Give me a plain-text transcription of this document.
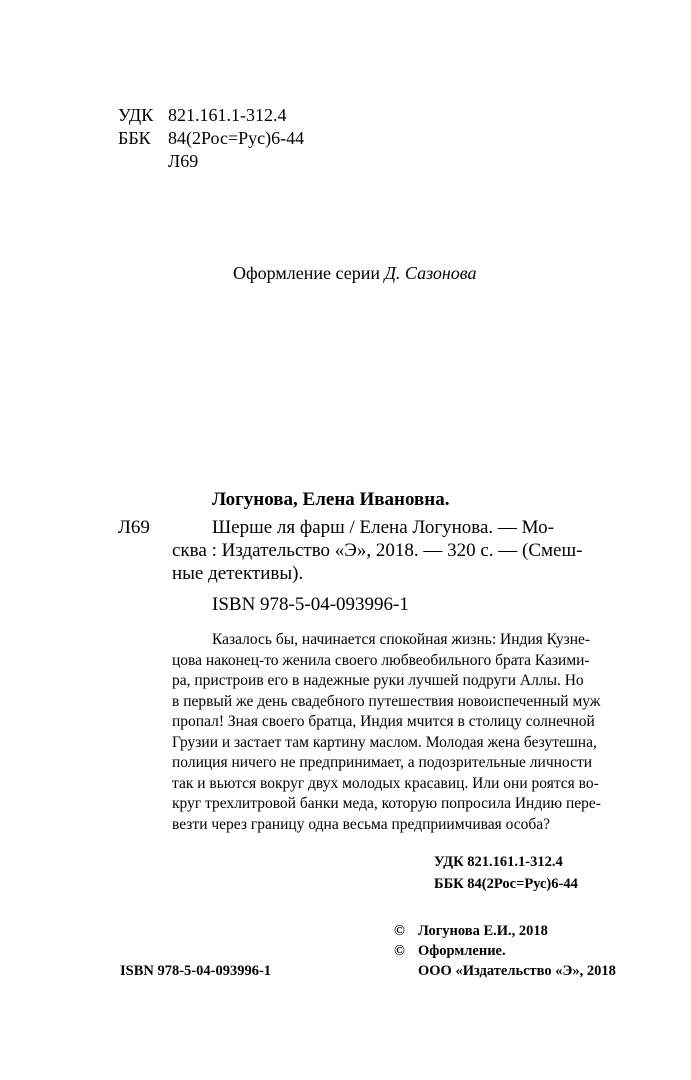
УДК 821.161.1-312.4
ББК 84(2Рос=Рус)6-44
Л69
Оформление серии Д. Сазонова
Логунова, Елена Ивановна.
Л69	Шерше ля фарш / Елена Логунова. — Мо-
сква : Издательство «Э», 2018. — 320 с. — (Смеш-
ные детективы).
ISBN 978-5-04-093996-1
Казалось бы, начинается спокойная жизнь: Индия Кузне-
цова наконец-то женила своего любвеобильного брата Казими-
ра, пристроив его в надежные руки лучшей подруги Аллы. Но
в первый же день свадебного путешествия новоиспеченный муж
пропал! Зная своего братца, Индия мчится в столицу солнечной
Грузии и застает там картину маслом. Молодая жена безутешна,
полиция ничего не предпринимает, а подозрительные личности
так и вьются вокруг двух молодых красавиц. Или они роятся во-
круг трехлитровой банки меда, которую попросила Индию пере-
везти через границу одна весьма предприимчивая особа?
УДК 821.161.1-312.4
ББК 84(2Рос=Рус)6-44
ISBN 978-5-04-093996-1
© Логунова Е.И., 2018
© Оформление.
ООО «Издательство «Э», 2018
